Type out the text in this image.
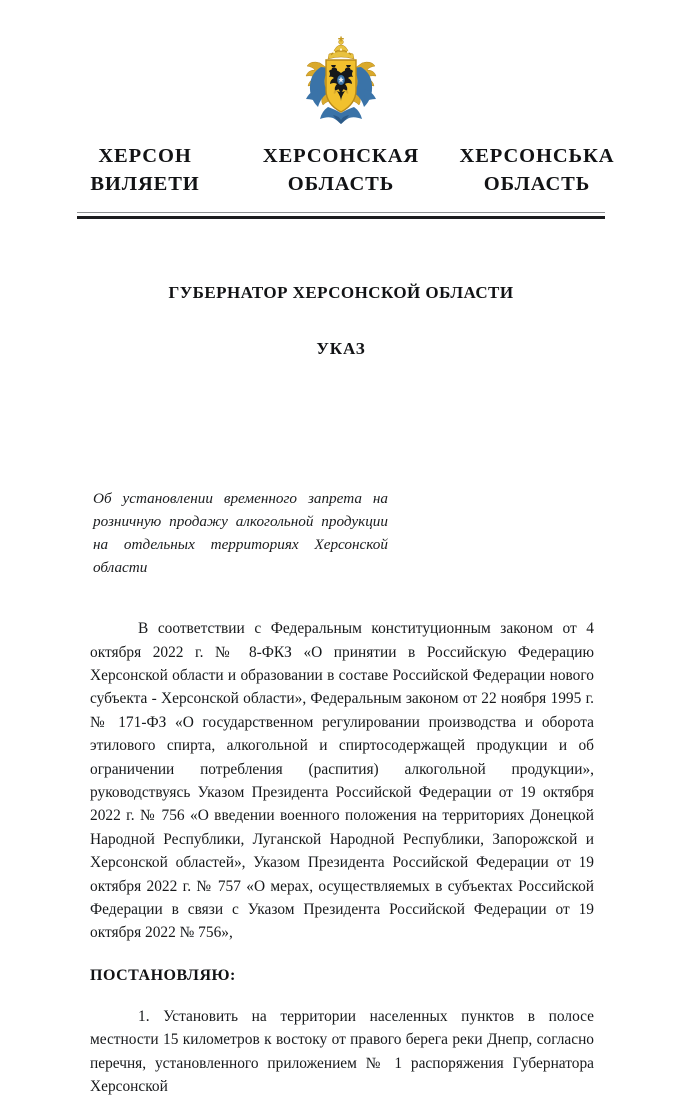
ХЕРСОН
ВИЛЯЕТИ
ХЕРСОНСКАЯ
ОБЛАСТЬ
ХЕРСОНСЬКА
ОБЛАСТЬ
ГУБЕРНАТОР ХЕРСОНСКОЙ ОБЛАСТИ
УКАЗ
Об установлении временного запрета на розничную продажу алкогольной продукции на отдельных территориях Херсонской области

В соответствии с Федеральным конституционным законом от 4 октября 2022 г. № 8-ФКЗ «О принятии в Российскую Федерацию Херсонской области и образовании в составе Российской Федерации нового субъекта - Херсонской области», Федеральным законом от 22 ноября 1995 г. № 171-ФЗ «О государственном регулировании производства и оборота этилового спирта, алкогольной и спиртосодержащей продукции и об ограничении потребления (распития) алкогольной продукции», руководствуясь Указом Президента Российской Федерации от 19 октября 2022 г. № 756 «О введении военного положения на территориях Донецкой Народной Республики, Луганской Народной Республики, Запорожской и Херсонской областей», Указом Президента Российской Федерации от 19 октября 2022 г. № 757 «О мерах, осуществляемых в субъектах Российской Федерации в связи с Указом Президента Российской Федерации от 19 октября 2022 № 756»,

ПОСТАНОВЛЯЮ:

1. Установить на территории населенных пунктов в полосе местности 15 километров к востоку от правого берега реки Днепр, согласно перечня, установленного приложением № 1 распоряжения Губернатора Херсонской
